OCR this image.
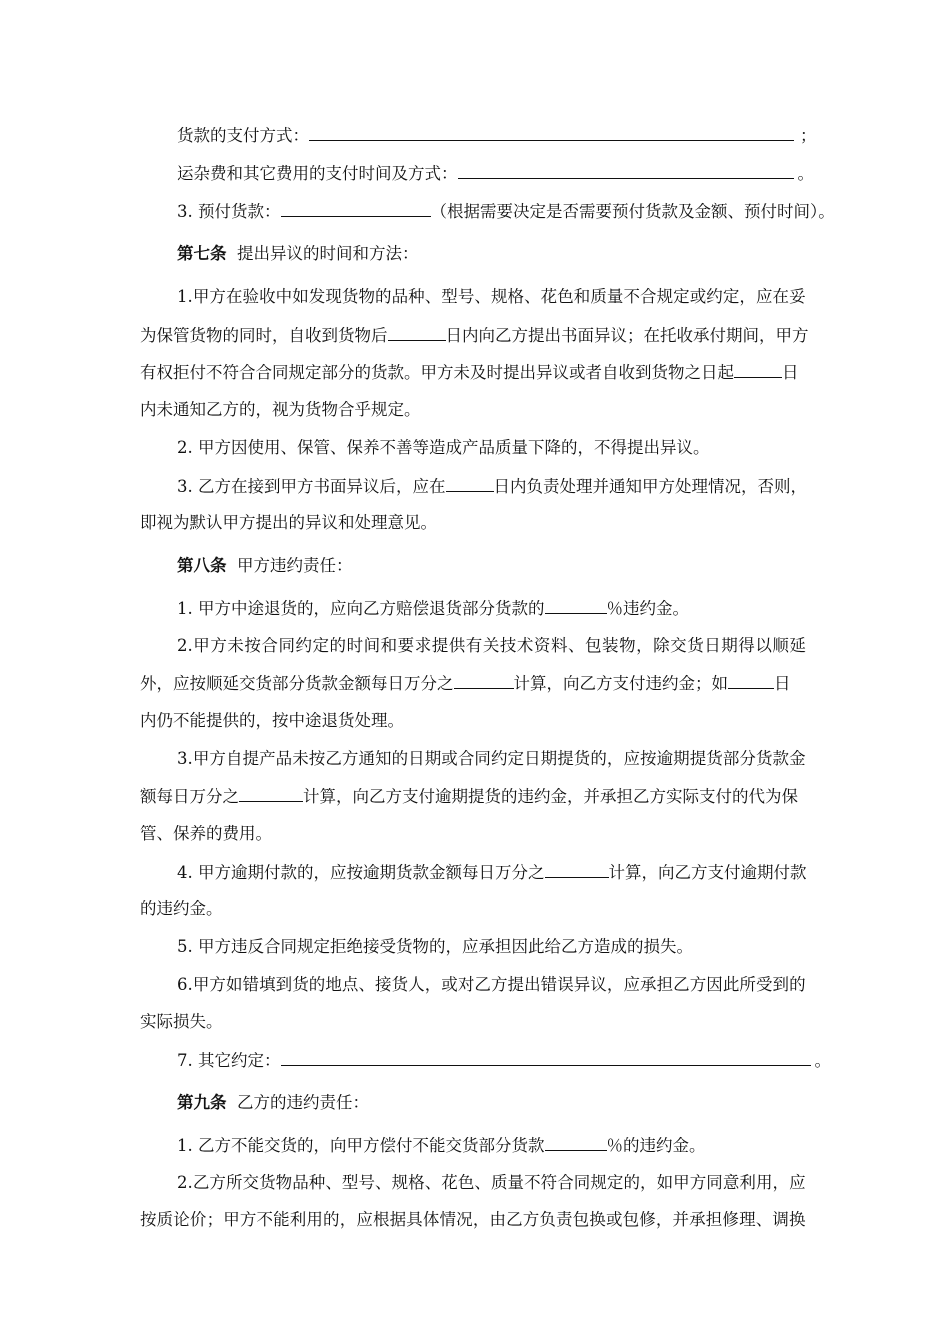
货款的支付方式：	；
运杂费和其它费用的支付时间及方式：	。
3. 预付货款：	（根据需要决定是否需要预付货款及金额、预付时间）。
第七条 提出异议的时间和方法：
1. 甲 方 在 验 收 中 如 发 现 货 物 的 品 种 、 型 号 、 规 格 、 花 色 和 质 量 不 合 规 定 或 约 定 ， 应 在 妥
为保管货物的同时，自收到货物后	日内向乙方提出书面异议；在托收承付期间，甲方
有权拒付不符合合同规定部分的货款。甲方未及时提出异议或者自收到货物之日起	日
内未通知乙方的，视为货物合乎规定。
2. 甲方因使用、保管、保养不善等造成产品质量下降的，不得提出异议。
3. 乙方在接到甲方书面异议后，应在	日内负责处理并通知甲方处理情况，否则，
即视为默认甲方提出的异议和处理意见。
第八条 甲方违约责任：
1. 甲方中途退货的，应向乙方赔偿退货部分货款的	％违约金。
2. 甲 方 未 按 合 同 约 定 的 时 间 和 要 求 提 供 有 关 技 术 资 料 、 包 装 物 ， 除 交 货 日 期 得 以 顺 延
外，应按顺延交货部分货款金额每日万分之	计算，向乙方支付违约金；如	日
内仍不能提供的，按中途退货处理。
3. 甲 方 自 提 产 品 未 按 乙 方 通 知 的 日 期 或 合 同 约 定 日 期 提 货 的 ， 应 按 逾 期 提 货 部 分 货 款 金
额每日万分之	计算，向乙方支付逾期提货的违约金，并承担乙方实际支付的代为保
管、保养的费用。
4. 甲方逾期付款的，应按逾期货款金额每日万分之	计算，向乙方支付逾期付款
的违约金。
5. 甲方违反合同规定拒绝接受货物的，应承担因此给乙方造成的损失。
6. 甲 方 如 错 填 到 货 的 地 点 、 接 货 人 ， 或 对 乙 方 提 出 错 误 异 议 ， 应 承 担 乙 方 因 此 所 受 到 的
实际损失。
7. 其它约定：	。
第九条 乙方的违约责任：
1. 乙方不能交货的，向甲方偿付不能交货部分货款	％的违约金。
2. 乙 方 所 交 货 物 品 种 、 型 号 、 规 格 、 花 色 、 质 量 不 符 合 同 规 定 的 ， 如 甲 方 同 意 利 用 ， 应
按 质 论 价 ； 甲 方 不 能 利 用 的 ， 应 根 据 具 体 情 况 ， 由 乙 方 负 责 包 换 或 包 修 ， 并 承 担 修 理 、 调 换
